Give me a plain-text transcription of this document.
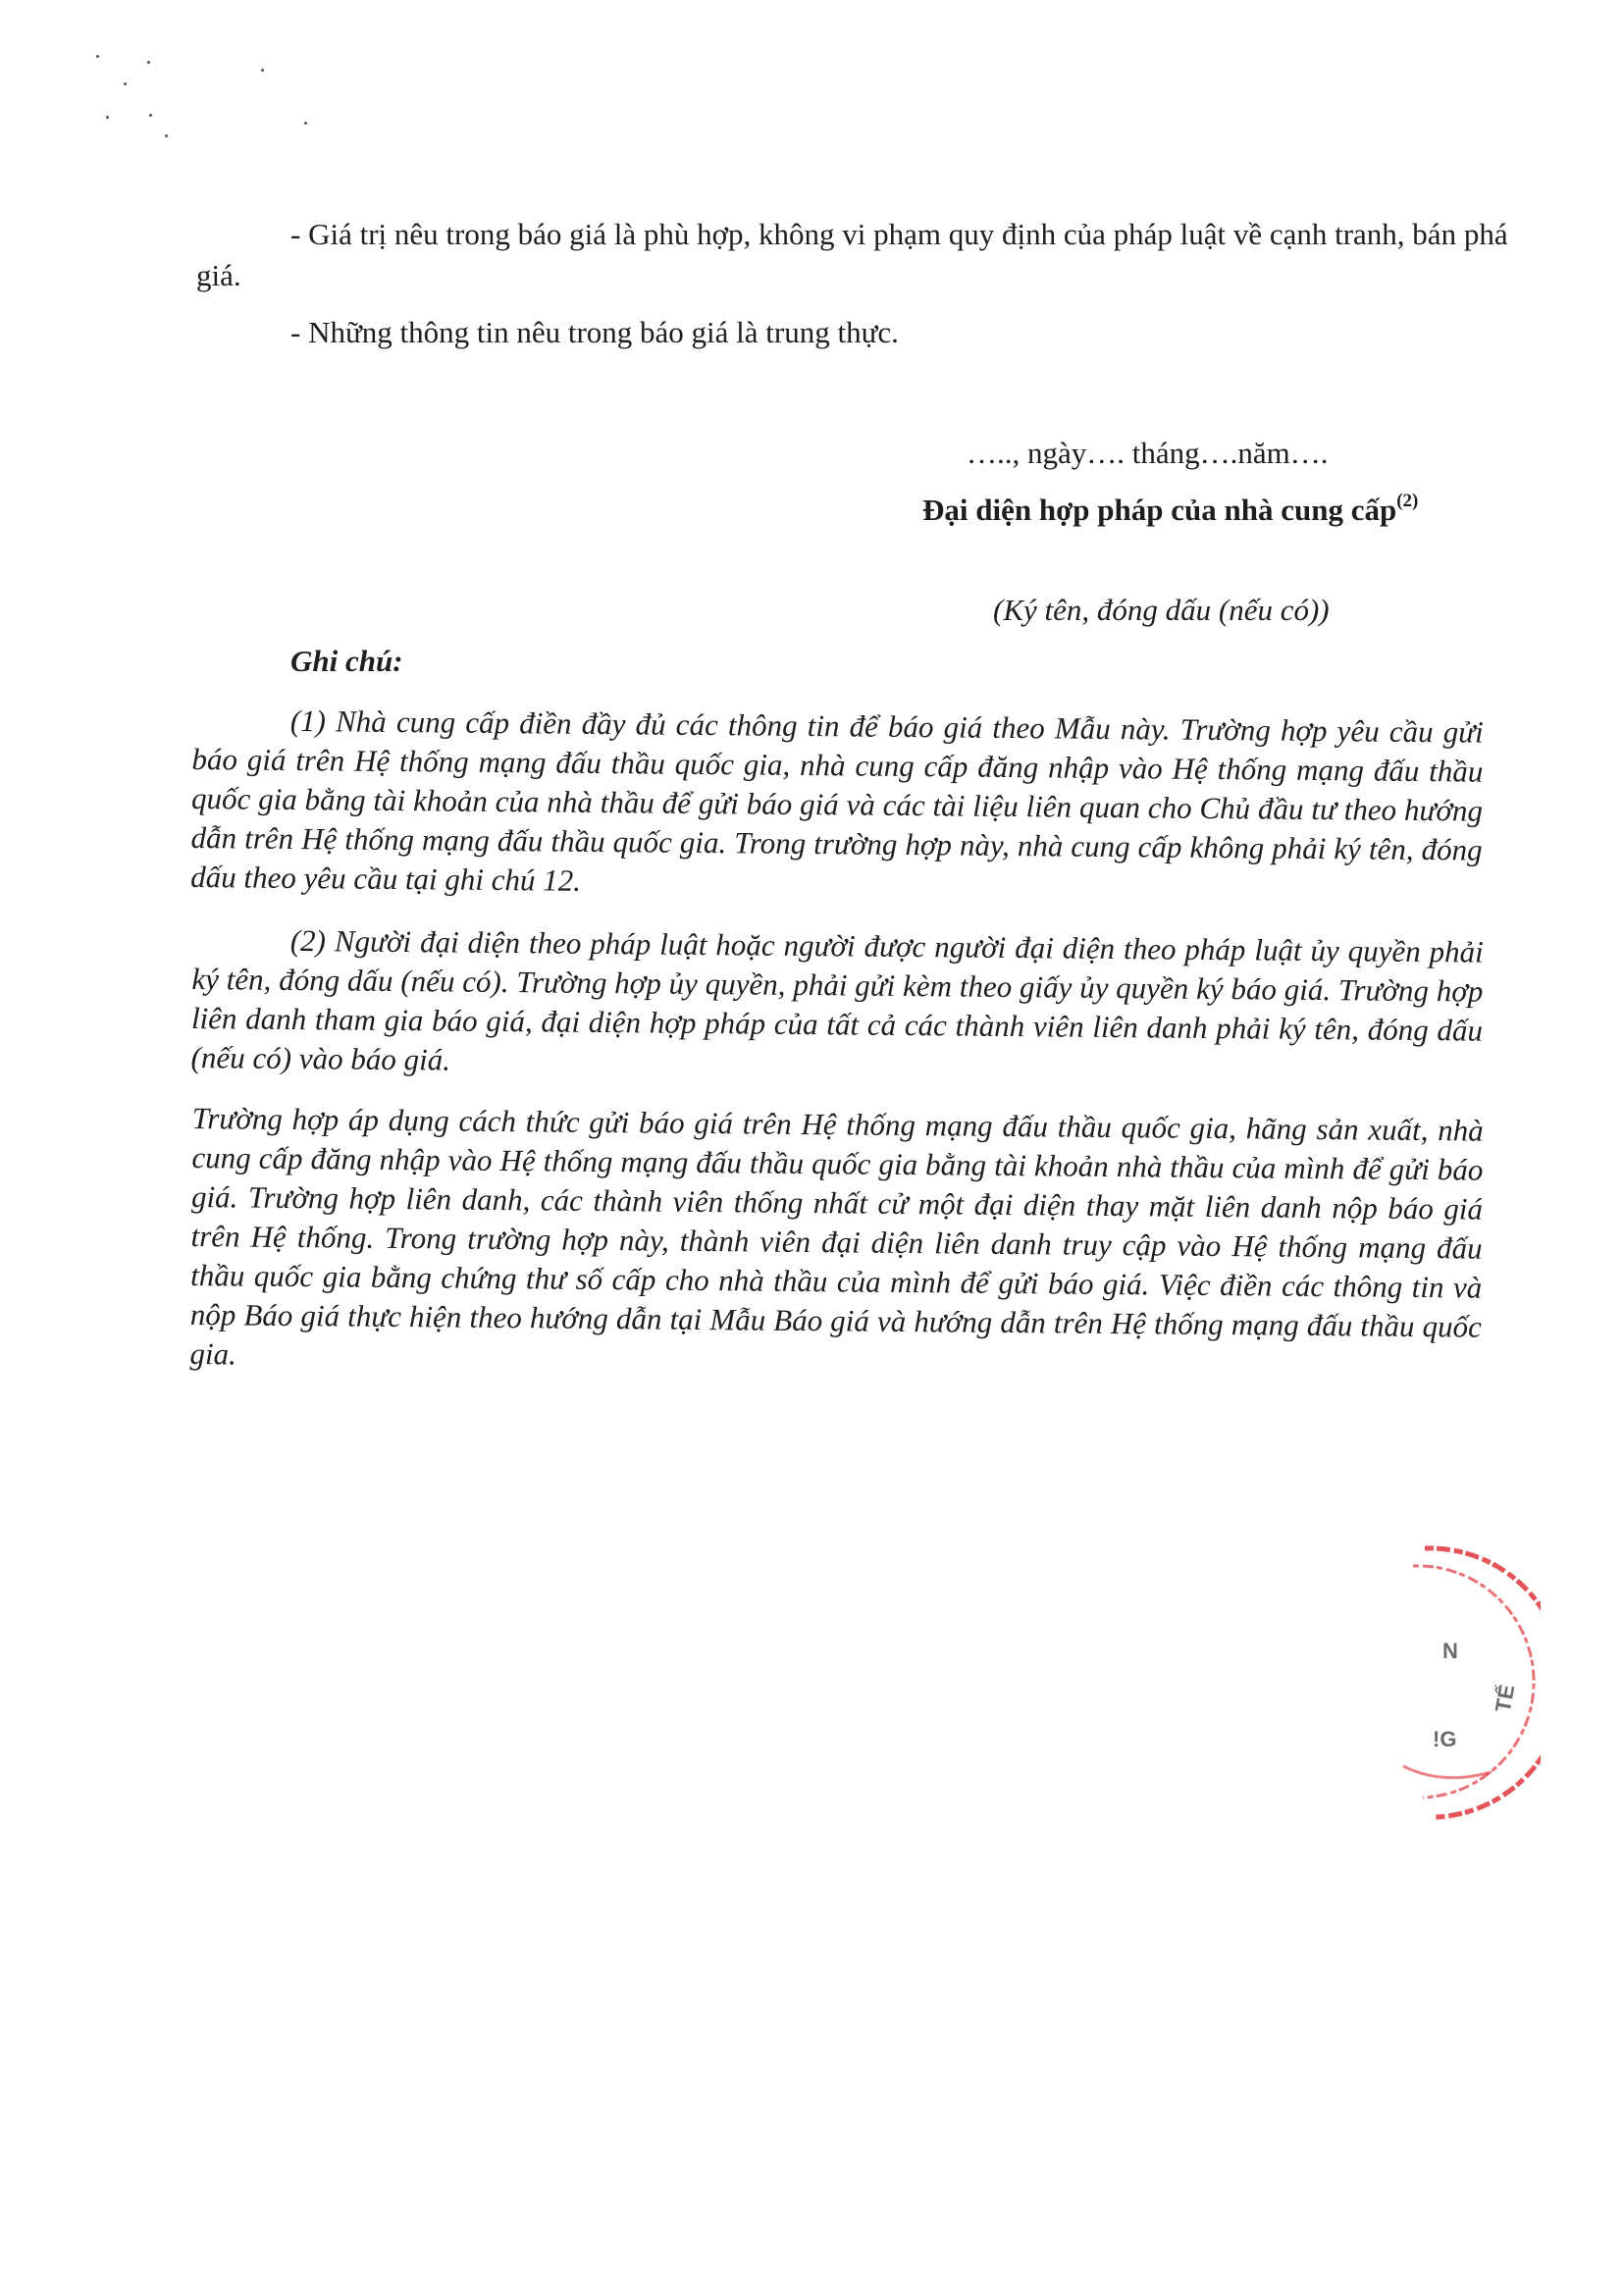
- Giá trị nêu trong báo giá là phù hợp, không vi phạm quy định của pháp luật về cạnh tranh, bán phá giá.

- Những thông tin nêu trong báo giá là trung thực.

….., ngày…. tháng….năm….
Đại diện hợp pháp của nhà cung cấp$^{(2)}$
(Ký tên, đóng dấu (nếu có))
Ghi chú:

(1) Nhà cung cấp điền đầy đủ các thông tin để báo giá theo Mẫu này. Trường hợp yêu cầu gửi báo giá trên Hệ thống mạng đấu thầu quốc gia, nhà cung cấp đăng nhập vào Hệ thống mạng đấu thầu quốc gia bằng tài khoản của nhà thầu để gửi báo giá và các tài liệu liên quan cho Chủ đầu tư theo hướng dẫn trên Hệ thống mạng đấu thầu quốc gia. Trong trường hợp này, nhà cung cấp không phải ký tên, đóng dấu theo yêu cầu tại ghi chú 12.

(2) Người đại diện theo pháp luật hoặc người được người đại diện theo pháp luật ủy quyền phải ký tên, đóng dấu (nếu có). Trường hợp ủy quyền, phải gửi kèm theo giấy ủy quyền ký báo giá. Trường hợp liên danh tham gia báo giá, đại diện hợp pháp của tất cả các thành viên liên danh phải ký tên, đóng dấu (nếu có) vào báo giá.

Trường hợp áp dụng cách thức gửi báo giá trên Hệ thống mạng đấu thầu quốc gia, hãng sản xuất, nhà cung cấp đăng nhập vào Hệ thống mạng đấu thầu quốc gia bằng tài khoản nhà thầu của mình để gửi báo giá. Trường hợp liên danh, các thành viên thống nhất cử một đại diện thay mặt liên danh nộp báo giá trên Hệ thống. Trong trường hợp này, thành viên đại diện liên danh truy cập vào Hệ thống mạng đấu thầu quốc gia bằng chứng thư số cấp cho nhà thầu của mình để gửi báo giá. Việc điền các thông tin và nộp Báo giá thực hiện theo hướng dẫn tại Mẫu Báo giá và hướng dẫn trên Hệ thống mạng đấu thầu quốc gia.

N
TẾ
!G
